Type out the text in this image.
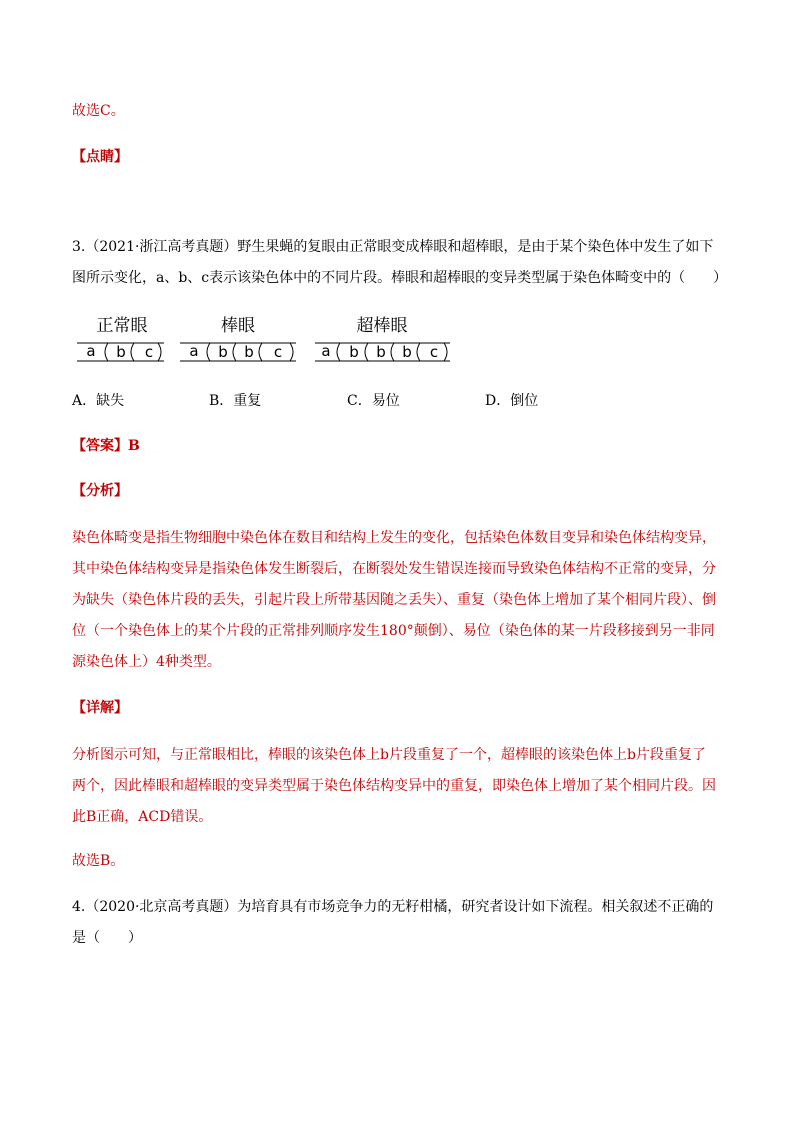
故选C。
【点睛】
3.（2021·浙江高考真题）野生果蝇的复眼由正常眼变成棒眼和超棒眼，是由于某个染色体中发生了如下
图所示变化，a、b、c表示该染色体中的不同片段。棒眼和超棒眼的变异类型属于染色体畸变中的（　　）
正常眼	棒眼	超棒眼
a b c a b b c	a b b b c
A．缺失	B．重复	C．易位	D．倒位
【答案】B
【分析】
染色体畸变是指生物细胞中染色体在数目和结构上发生的变化，包括染色体数目变异和染色体结构变异，
其中染色体结构变异是指染色体发生断裂后，在断裂处发生错误连接而导致染色体结构不正常的变异，分
为缺失（染色体片段的丢失，引起片段上所带基因随之丢失）、重复（染色体上增加了某个相同片段）、倒
位（一个染色体上的某个片段的正常排列顺序发生180°颠倒）、易位（染色体的某一片段移接到另一非同
源染色体上）4种类型。
【详解】
分析图示可知，与正常眼相比，棒眼的该染色体上b片段重复了一个，超棒眼的该染色体上b片段重复了
两个，因此棒眼和超棒眼的变异类型属于染色体结构变异中的重复，即染色体上增加了某个相同片段。因
此B正确，ACD错误。
故选B。
4.（2020·北京高考真题）为培育具有市场竞争力的无籽柑橘，研究者设计如下流程。相关叙述不正确的
是（　　）
